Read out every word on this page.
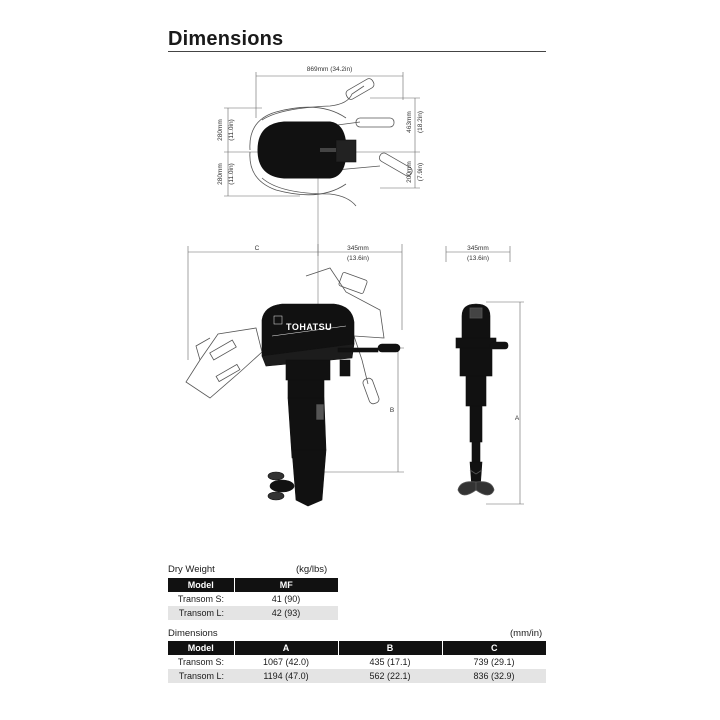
Dimensions
869mm (34.2in)
280mm (11.0in)
280mm (11.0in)
463mm (18.2in)
200mm (7.9in)
C	345mm
(13.6in)
B
TOHATSU
345mm
(13.6in)
A
Dry Weight	(kg/lbs)
Model	MF
Transom S:	41 (90)
Transom L:	42 (93)
Dimensions	(mm/in)
Model	A	B	C
Transom S:	1067 (42.0)	435 (17.1)	739 (29.1)
Transom L:	1194 (47.0)	562 (22.1)	836 (32.9)
